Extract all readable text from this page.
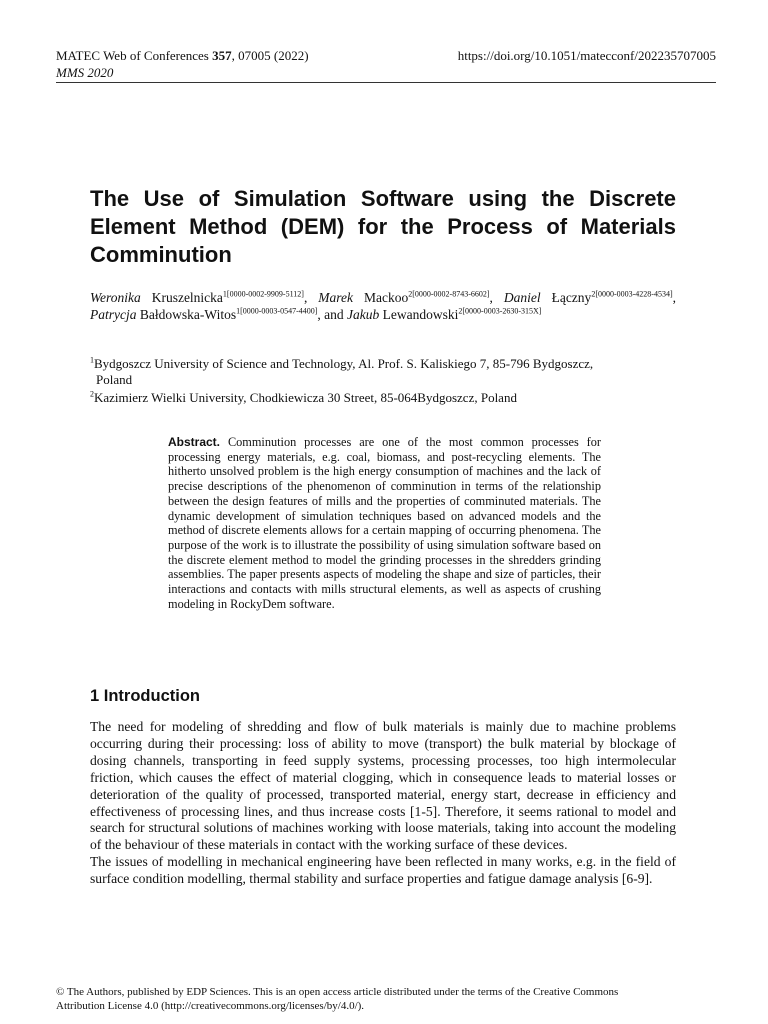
MATEC Web of Conferences 357, 07005 (2022)	https://doi.org/10.1051/matecconf/202235707005
MMS 2020
The Use of Simulation Software using the Discrete Element Method (DEM) for the Process of Materials Comminution
Weronika Kruszelnicka$^{1[0000-0002-9909-5112]}$, Marek Mackoo$^{2[0000-0002-8743-6602]}$, Daniel Łączny$^{2[0000-0003-4228-4534]}$, Patrycja Bałdowska-Witos$^{1[0000-0003-0547-4400]}$, and Jakub Lewandowski$^{2[0000-0003-2630-315X]}$
$^1$Bydgoszcz University of Science and Technology, Al. Prof. S. Kaliskiego 7, 85-796 Bydgoszcz,
Poland
$^2$Kazimierz Wielki University, Chodkiewicza 30 Street, 85-064Bydgoszcz, Poland
Abstract. Comminution processes are one of the most common processes for processing energy materials, e.g. coal, biomass, and post-recycling elements. The hitherto unsolved problem is the high energy consumption of machines and the lack of precise descriptions of the phenomenon of comminution in terms of the relationship between the design features of mills and the properties of comminuted materials. The dynamic development of simulation techniques based on advanced models and the method of discrete elements allows for a certain mapping of occurring phenomena. The purpose of the work is to illustrate the possibility of using simulation software based on the discrete element method to model the grinding processes in the shredders grinding assemblies. The paper presents aspects of modeling the shape and size of particles, their interactions and contacts with mills structural elements, as well as aspects of crushing modeling in RockyDem software.
1 Introduction

The need for modeling of shredding and flow of bulk materials is mainly due to machine problems occurring during their processing: loss of ability to move (transport) the bulk material by blockage of dosing channels, transporting in feed supply systems, processing processes, too high intermolecular friction, which causes the effect of material clogging, which in consequence leads to material losses or deterioration of the quality of processed, transported material, energy start, decrease in efficiency and effectiveness of processing lines, and thus increase costs [1-5]. Therefore, it seems rational to model and search for structural solutions of machines working with loose materials, taking into account the modeling of the behaviour of these materials in contact with the working surface of these devices.

The issues of modelling in mechanical engineering have been reflected in many works, e.g. in the field of surface condition modelling, thermal stability and surface properties and fatigue damage analysis [6-9].

© The Authors, published by EDP Sciences. This is an open access article distributed under the terms of the Creative Commons
Attribution License 4.0 (http://creativecommons.org/licenses/by/4.0/).
